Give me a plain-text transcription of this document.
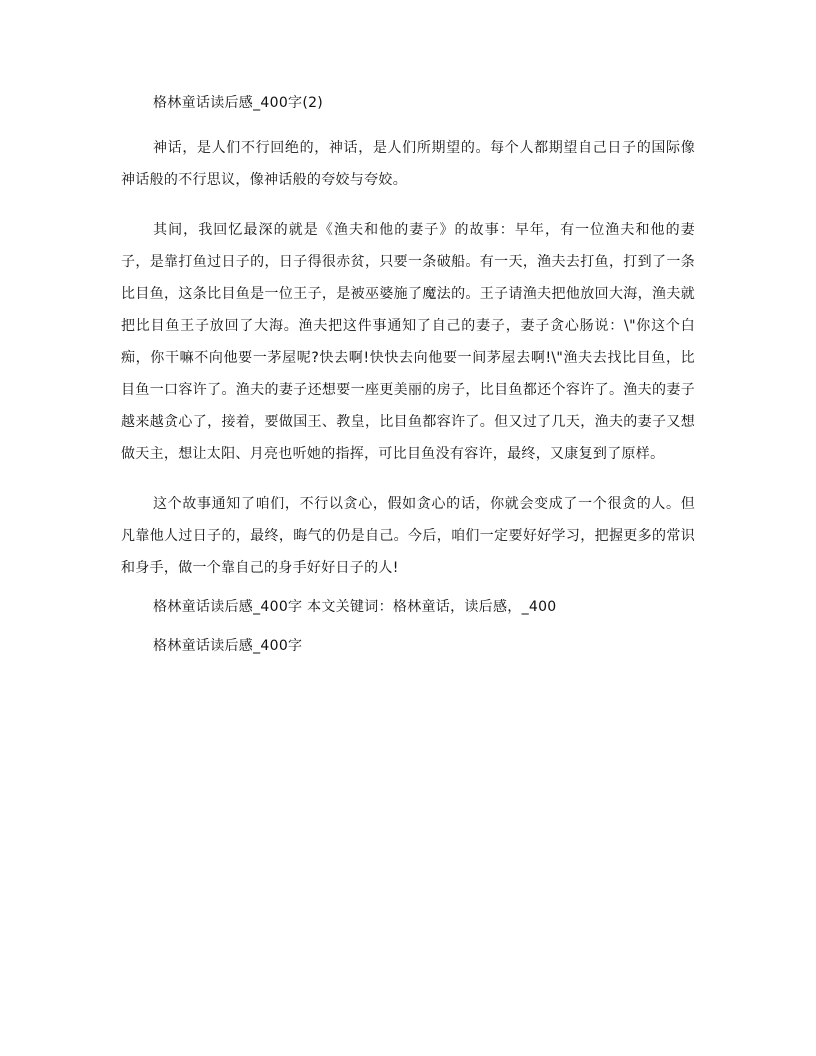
格林童话读后感_400字(2)

神话，是人们不行回绝的，神话，是人们所期望的。每个人都期望自己日子的国际像神话般的不行思议，像神话般的夸姣与夸姣。

其间，我回忆最深的就是《渔夫和他的妻子》的故事：早年，有一位渔夫和他的妻子，是靠打鱼过日子的，日子得很赤贫，只要一条破船。有一天，渔夫去打鱼，打到了一条比目鱼，这条比目鱼是一位王子，是被巫婆施了魔法的。王子请渔夫把他放回大海，渔夫就把比目鱼王子放回了大海。渔夫把这件事通知了自己的妻子，妻子贪心肠说：\"你这个白痴，你干嘛不向他要一茅屋呢?快去啊!快快去向他要一间茅屋去啊!\"渔夫去找比目鱼，比目鱼一口容许了。渔夫的妻子还想要一座更美丽的房子，比目鱼都还个容许了。渔夫的妻子越来越贪心了，接着，要做国王、教皇，比目鱼都容许了。但又过了几天，渔夫的妻子又想做天主，想让太阳、月亮也听她的指挥，可比目鱼没有容许，最终，又康复到了原样。

这个故事通知了咱们，不行以贪心，假如贪心的话，你就会变成了一个很贪的人。但凡靠他人过日子的，最终，晦气的仍是自己。今后，咱们一定要好好学习，把握更多的常识和身手，做一个靠自己的身手好好日子的人!

格林童话读后感_400字 本文关键词：格林童话，读后感，_400
格林童话读后感_400字
